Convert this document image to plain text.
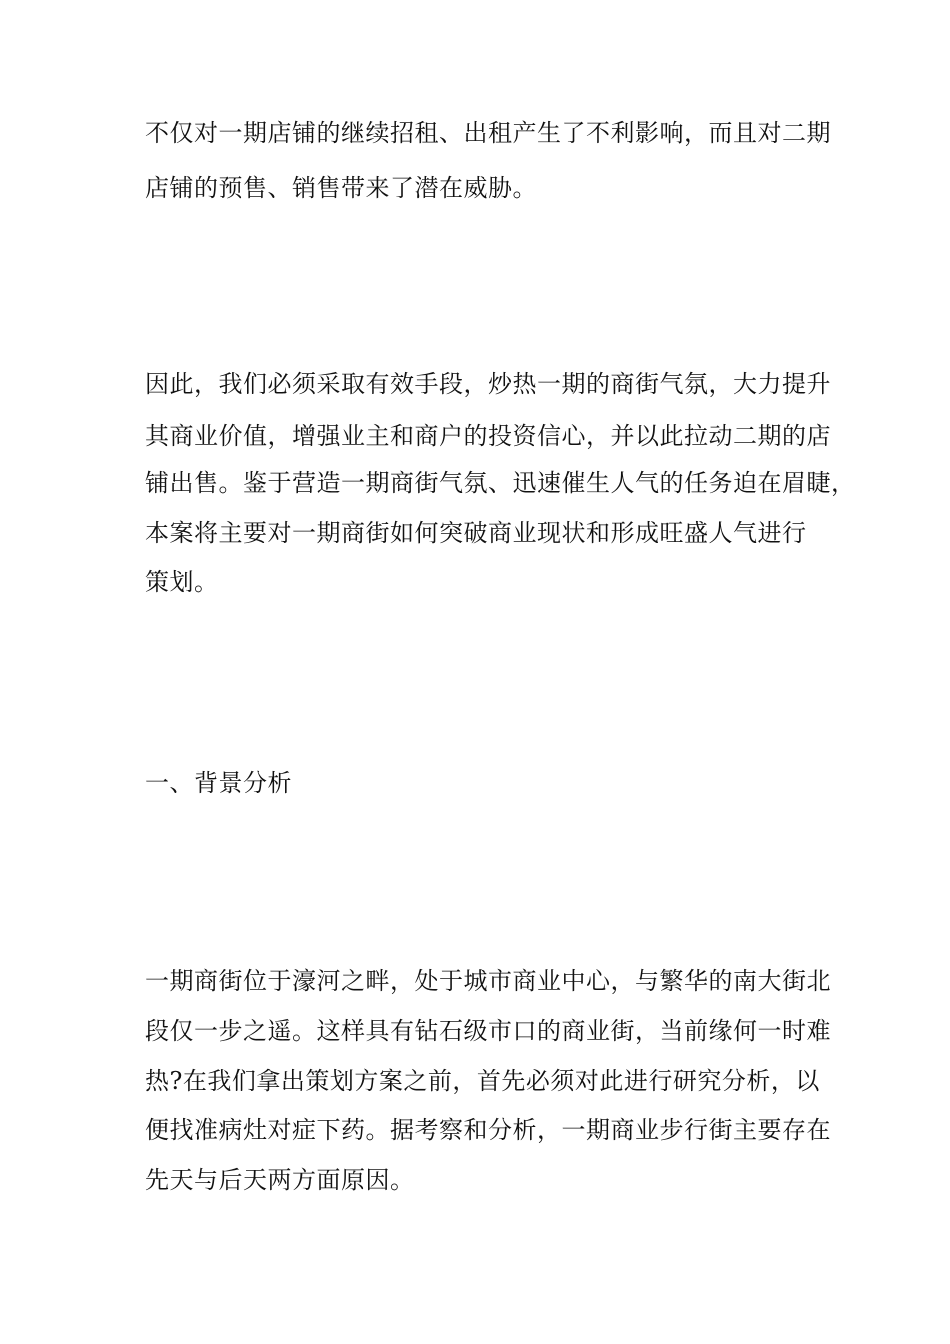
不仅对一期店铺的继续招租、出租产生了不利影响，而且对二期
店铺的预售、销售带来了潜在威胁。
因此，我们必须采取有效手段，炒热一期的商街气氛，大力提升
其商业价值，增强业主和商户的投资信心，并以此拉动二期的店
铺出售。鉴于营造一期商街气氛、迅速催生人气的任务迫在眉睫，
本案将主要对一期商街如何突破商业现状和形成旺盛人气进行
策划。
一、背景分析
一期商街位于濠河之畔，处于城市商业中心，与繁华的南大街北
段仅一步之遥。这样具有钻石级市口的商业街，当前缘何一时难
热?在我们拿出策划方案之前，首先必须对此进行研究分析，以
便找准病灶对症下药。据考察和分析，一期商业步行街主要存在
先天与后天两方面原因。
